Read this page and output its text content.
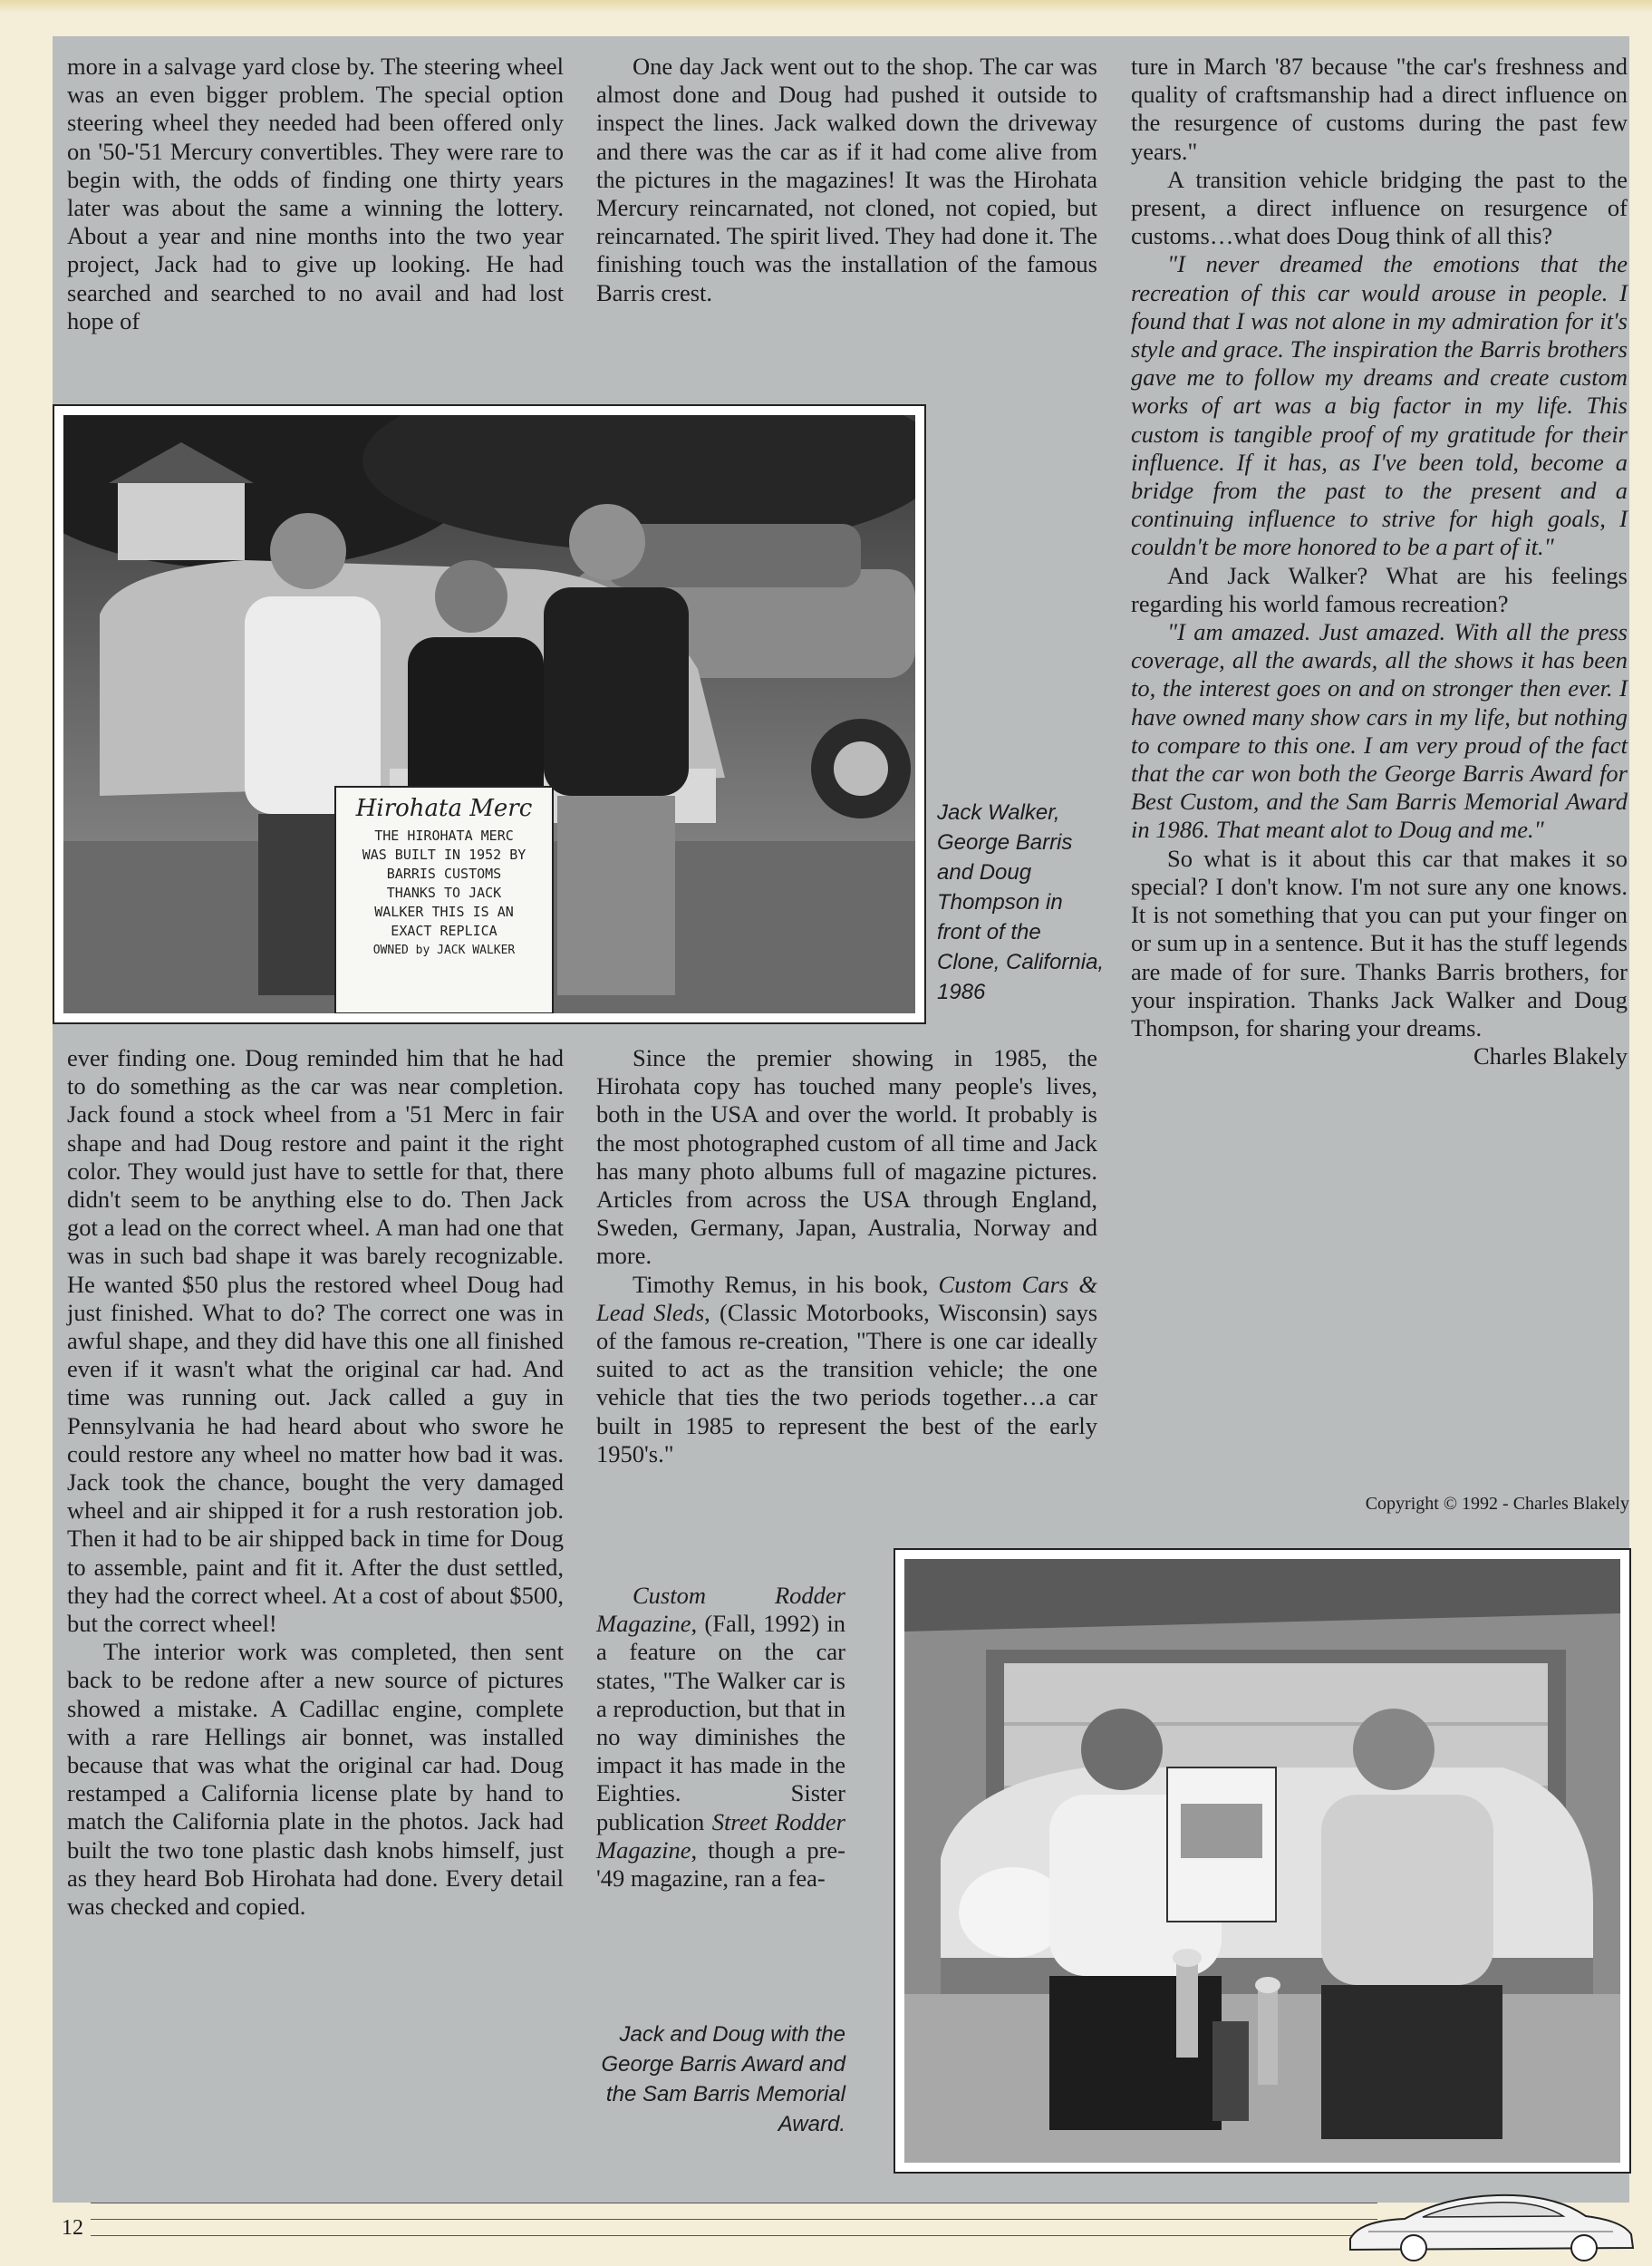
more in a salvage yard close by. The steering wheel was an even bigger problem. The special option steering wheel they needed had been offered only on '50-'51 Mercury convertibles. They were rare to begin with, the odds of finding one thirty years later was about the same a winning the lottery. About a year and nine months into the two year project, Jack had to give up looking. He had searched and searched to no avail and had lost hope of

One day Jack went out to the shop. The car was almost done and Doug had pushed it outside to inspect the lines. Jack walked down the driveway and there was the car as if it had come alive from the pictures in the magazines! It was the Hirohata Mercury reincarnated, not cloned, not copied, but reincarnated. The spirit lived. They had done it. The finishing touch was the installation of the famous Barris crest.

ture in March '87 because "the car's freshness and quality of craftsmanship had a direct influence on the resurgence of customs during the past few years."

A transition vehicle bridging the past to the present, a direct influence on resurgence of customs…what does Doug think of all this?

"I never dreamed the emotions that the recreation of this car would arouse in people. I found that I was not alone in my admiration for it's style and grace. The inspiration the Barris brothers gave me to follow my dreams and create custom works of art was a big factor in my life. This custom is tangible proof of my gratitude for their influence. If it has, as I've been told, become a bridge from the past to the present and a continuing influence to strive for high goals, I couldn't be more honored to be a part of it."

And Jack Walker? What are his feelings regarding his world famous recreation?

"I am amazed. Just amazed. With all the press coverage, all the awards, all the shows it has been to, the interest goes on and on stronger then ever. I have owned many show cars in my life, but nothing to compare to this one. I am very proud of the fact that the car won both the George Barris Award for Best Custom, and the Sam Barris Memorial Award in 1986. That meant alot to Doug and me."

So what is it about this car that makes it so special? I don't know. I'm not sure any one knows. It is not something that you can put your finger on or sum up in a sentence. But it has the stuff legends are made of for sure. Thanks Barris brothers, for your inspiration. Thanks Jack Walker and Doug Thompson, for sharing your dreams.

Charles Blakely

Hirohata Merc
THE HIROHATA MERC
WAS BUILT IN 1952 BY
BARRIS CUSTOMS
THANKS TO JACK
WALKER THIS IS AN
EXACT REPLICA
OWNED by JACK WALKER
Jack Walker, George Barris and Doug Thompson in front of the Clone, California, 1986

ever finding one. Doug reminded him that he had to do something as the car was near completion. Jack found a stock wheel from a '51 Merc in fair shape and had Doug restore and paint it the right color. They would just have to settle for that, there didn't seem to be anything else to do. Then Jack got a lead on the correct wheel. A man had one that was in such bad shape it was barely recognizable. He wanted $50 plus the restored wheel Doug had just finished. What to do? The correct one was in awful shape, and they did have this one all finished even if it wasn't what the original car had. And time was running out. Jack called a guy in Pennsylvania he had heard about who swore he could restore any wheel no matter how bad it was. Jack took the chance, bought the very damaged wheel and air shipped it for a rush restoration job. Then it had to be air shipped back in time for Doug to assemble, paint and fit it. After the dust settled, they had the correct wheel. At a cost of about $500, but the correct wheel!

The interior work was completed, then sent back to be redone after a new source of pictures showed a mistake. A Cadillac engine, complete with a rare Hellings air bonnet, was installed because that was what the original car had. Doug restamped a California license plate by hand to match the California plate in the photos. Jack had built the two tone plastic dash knobs himself, just as they heard Bob Hirohata had done. Every detail was checked and copied.

Since the premier showing in 1985, the Hirohata copy has touched many people's lives, both in the USA and over the world. It probably is the most photographed custom of all time and Jack has many photo albums full of magazine pictures. Articles from across the USA through England, Sweden, Germany, Japan, Australia, Norway and more.

Timothy Remus, in his book, Custom Cars & Lead Sleds, (Classic Motorbooks, Wisconsin) says of the famous re-creation, "There is one car ideally suited to act as the transition vehicle; the one vehicle that ties the two periods together…a car built in 1985 to represent the best of the early 1950's."

Custom Rodder Magazine, (Fall, 1992) in a feature on the car states, "The Walker car is a reproduction, but that in no way diminishes the impact it has made in the Eighties. Sister publication Street Rodder Magazine, though a pre-'49 magazine, ran a fea-

Jack and Doug with the George Barris Award and the Sam Barris Memorial Award.
Copyright © 1992 - Charles Blakely
12
